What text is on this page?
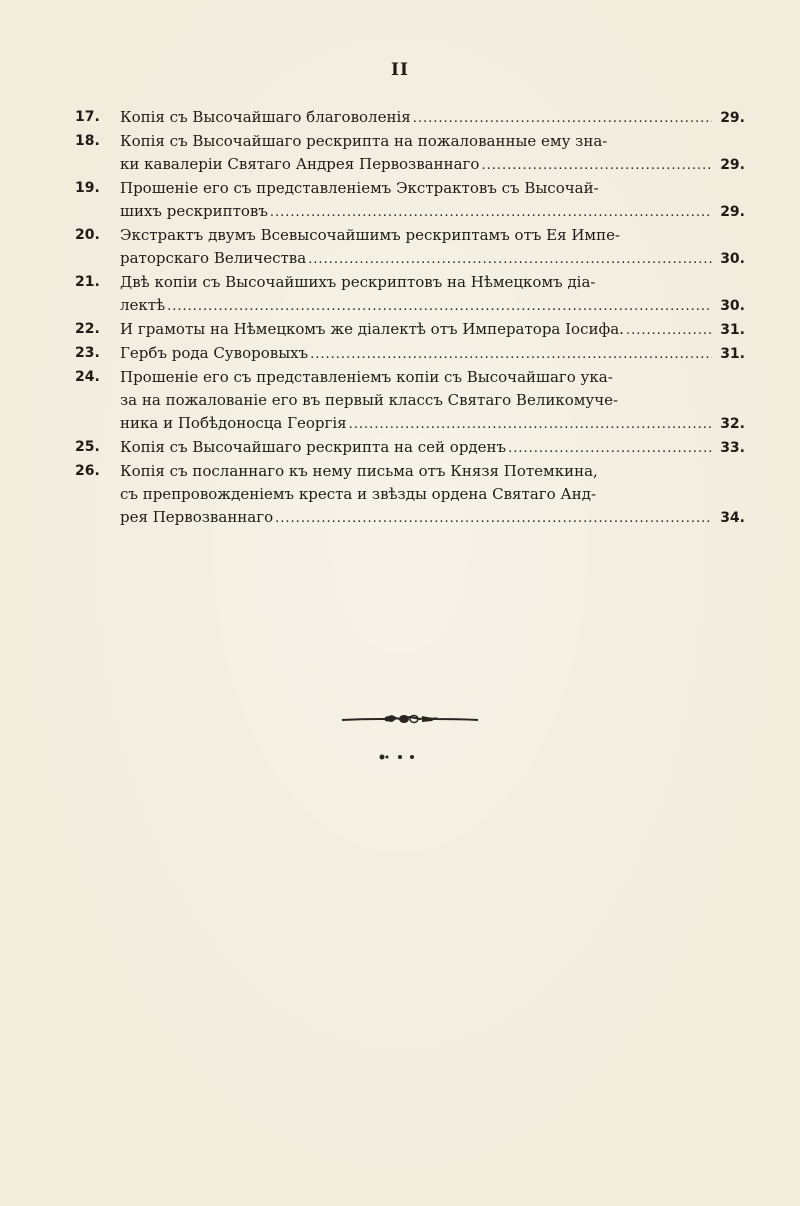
II
17.	Копія съ Высочайшаго благоволенія .....	29.
18.	Копія съ Высочайшаго рескрипта на пожалованные ему зна-
ки кавалеріи Святаго Андрея Первозваннаго .....	29.
19.	Прошеніе его съ представленіемъ Экстрактовъ съ Высочай-
шихъ рескриптовъ .....	29.
20.	Экстрактъ двумъ Всевысочайшимъ рескриптамъ отъ Ея Импе-
раторскаго Величества .....	30.
21.	Двѣ копіи съ Высочайшихъ рескриптовъ на Нѣмецкомъ діа-
лектѣ .....	30.
22.	И грамоты на Нѣмецкомъ же діалектѣ отъ Императора Іосифа. .....	31.
23.	Гербъ рода Суворовыхъ .....	31.
24.	Прошеніе его съ представленіемъ копіи съ Высочайшаго ука-
за на пожалованіе его въ первый классъ Святаго Великомуче-
ника и Побѣдоносца Георгія .....	32.
25.	Копія съ Высочайшаго рескрипта на сей орденъ .....	33.
26.	Копія съ посланнаго къ нему письма отъ Князя Потемкина,
съ препровожденіемъ креста и звѣзды ордена Святаго Анд-
рея Первозваннаго .....	34.
